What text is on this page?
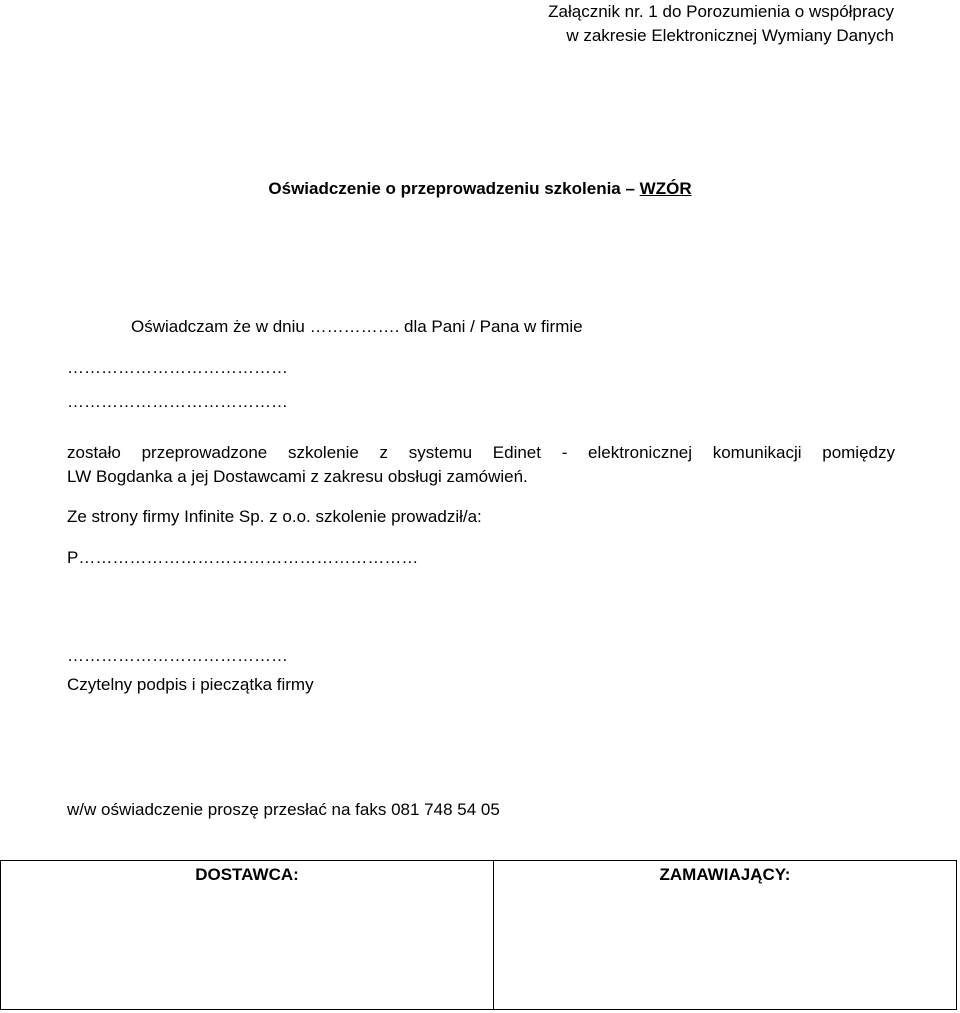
Załącznik nr. 1 do Porozumienia o współpracy
w zakresie Elektronicznej Wymiany Danych
Oświadczenie o przeprowadzeniu szkolenia – WZÓR
Oświadczam że w dniu ……………. dla Pani / Pana w firmie
…………………………………
…………………………………
zostało przeprowadzone szkolenie z systemu Edinet - elektronicznej komunikacji pomiędzy
LW Bogdanka a jej Dostawcami z zakresu obsługi zamówień.
Ze strony firmy Infinite Sp. z o.o. szkolenie prowadził/a:
P……………………………………………………
…………………………………
Czytelny podpis i pieczątka firmy
w/w oświadczenie proszę przesłać na faks 081 748 54 05
DOSTAWCA:	ZAMAWIAJĄCY:
